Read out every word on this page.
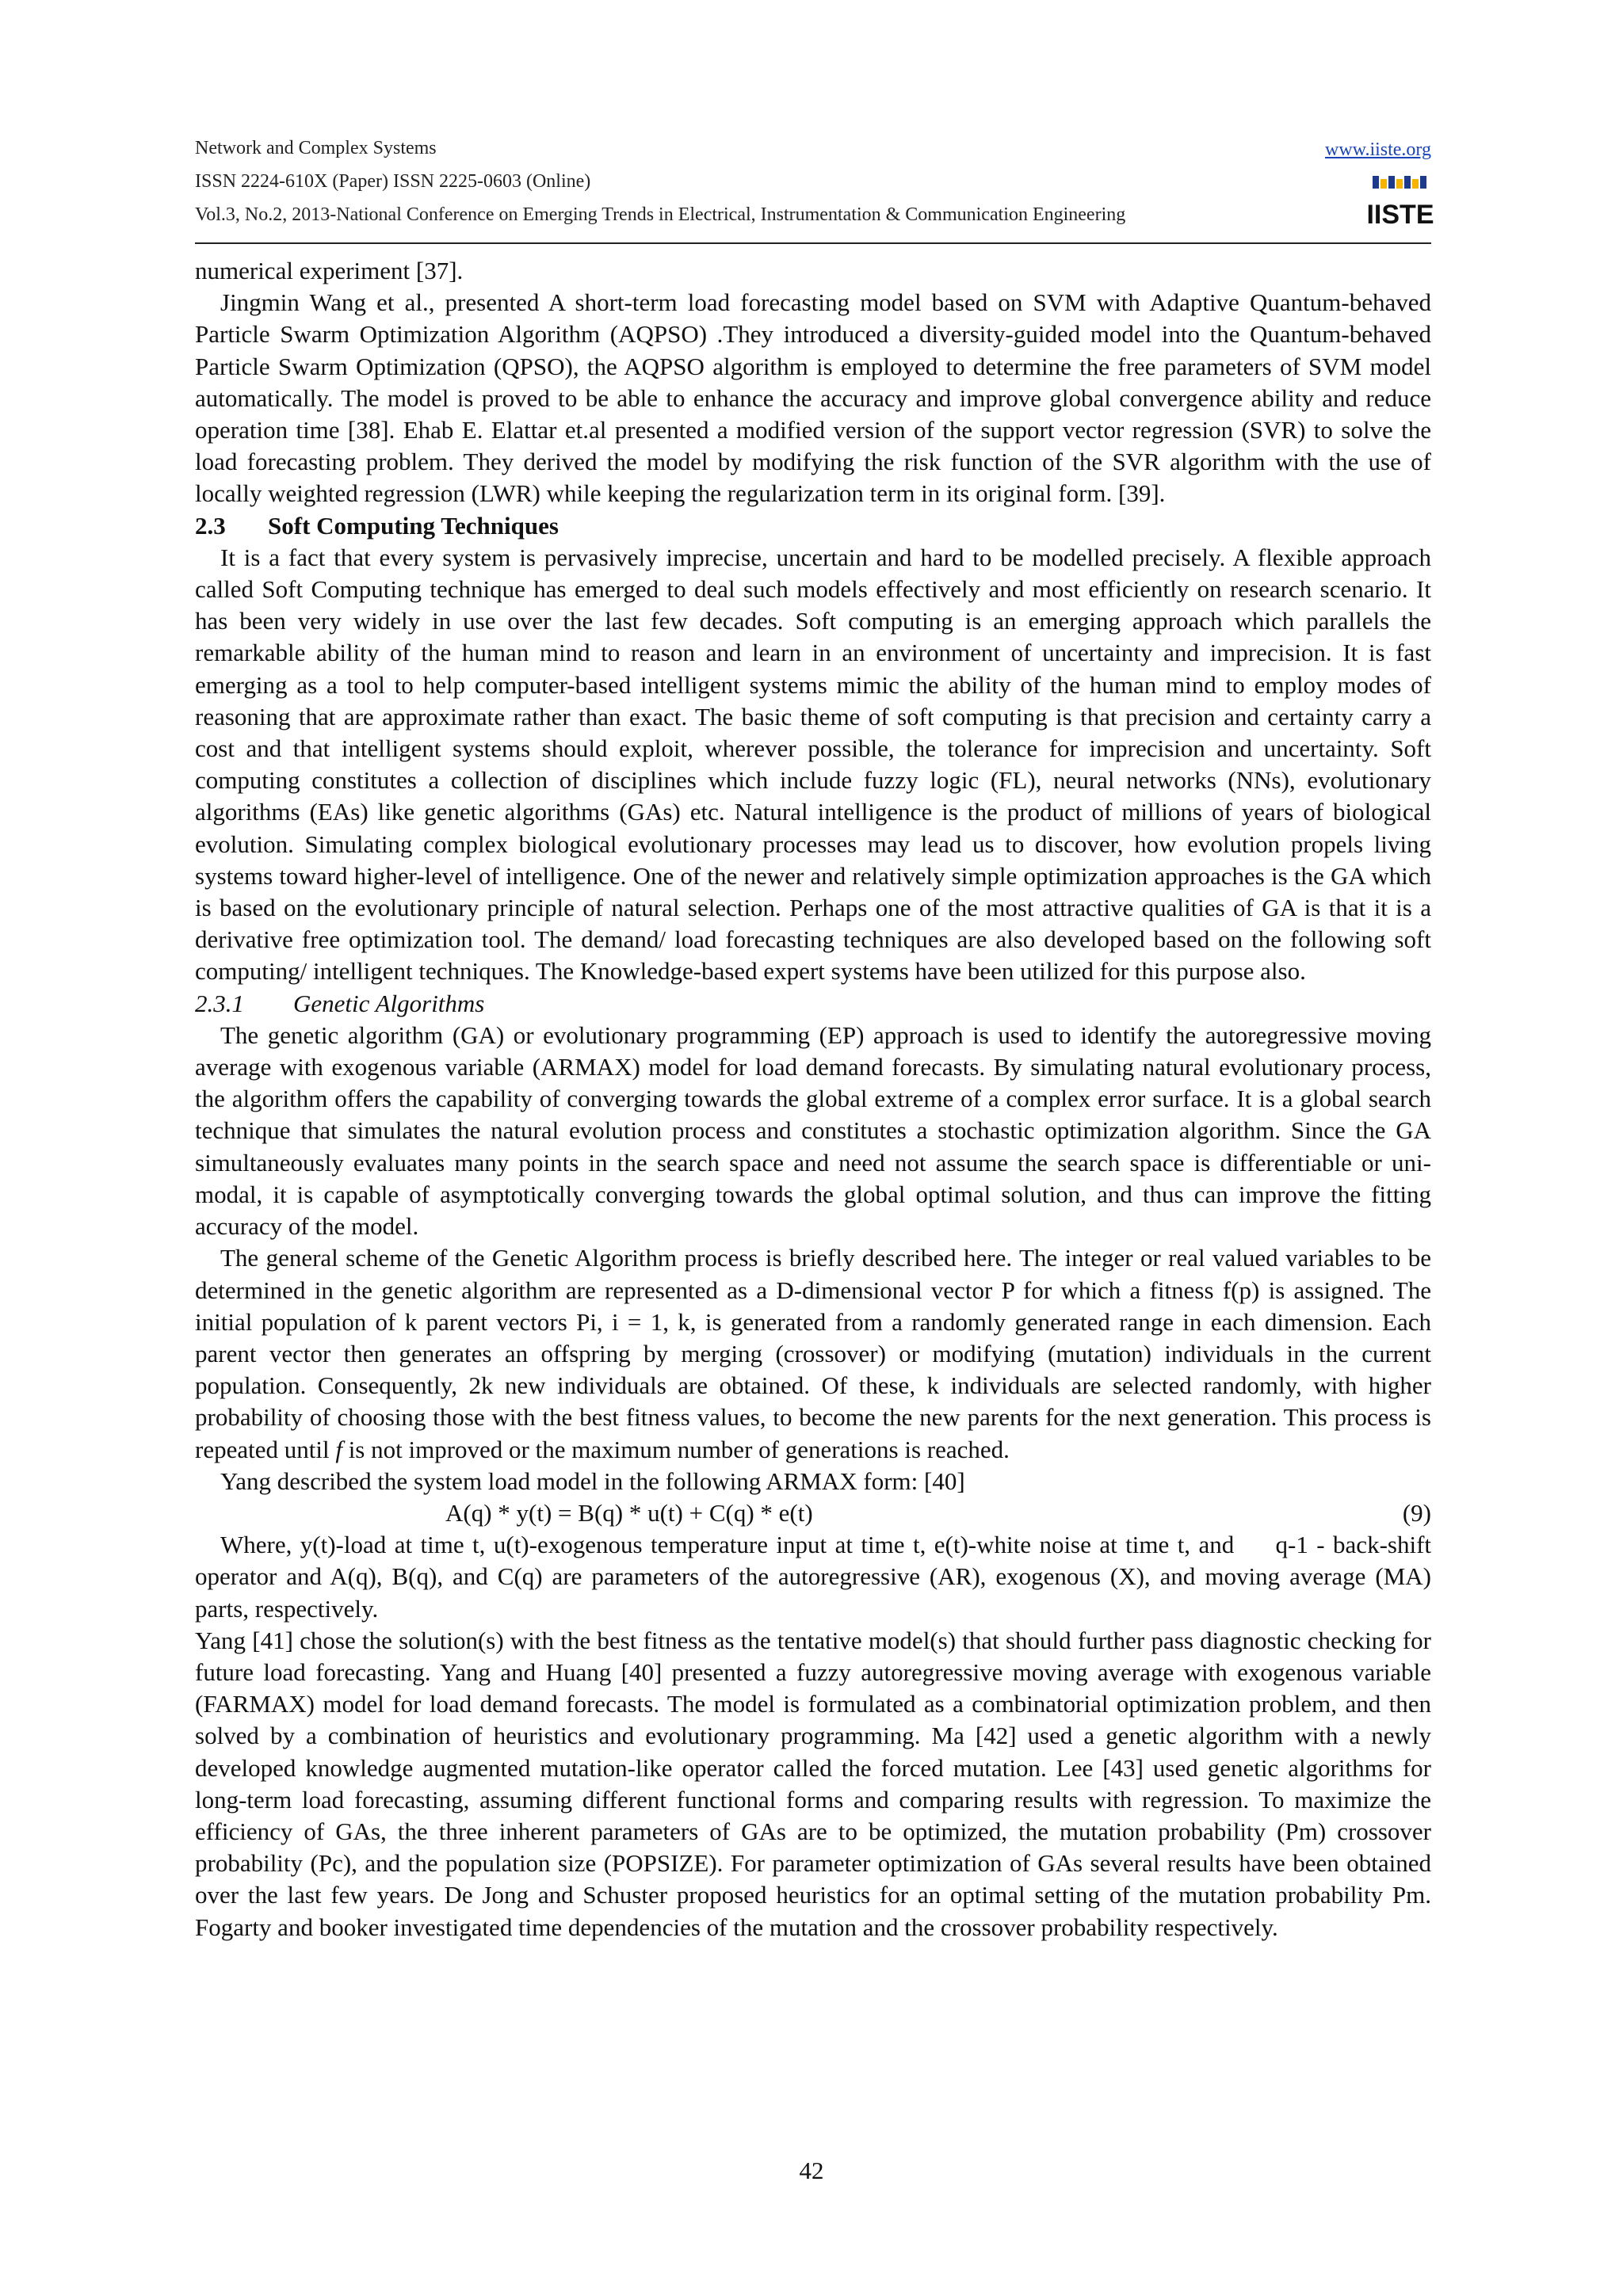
Network and Complex Systems	www.iiste.org
ISSN 2224-610X (Paper) ISSN 2225-0603 (Online)
Vol.3, No.2, 2013-National Conference on Emerging Trends in Electrical, Instrumentation & Communication Engineering	IISTE

numerical experiment [37].

Jingmin Wang et al., presented A short-term load forecasting model based on SVM with Adaptive Quantum-behaved Particle Swarm Optimization Algorithm (AQPSO) .They introduced a diversity-guided model into the Quantum-behaved Particle Swarm Optimization (QPSO), the AQPSO algorithm is employed to determine the free parameters of SVM model automatically. The model is proved to be able to enhance the accuracy and improve global convergence ability and reduce operation time [38]. Ehab E. Elattar et.al presented a modified version of the support vector regression (SVR) to solve the load forecasting problem. They derived the model by modifying the risk function of the SVR algorithm with the use of locally weighted regression (LWR) while keeping the regularization term in its original form. [39].

2.3 Soft Computing Techniques

It is a fact that every system is pervasively imprecise, uncertain and hard to be modelled precisely. A flexible approach called Soft Computing technique has emerged to deal such models effectively and most efficiently on research scenario. It has been very widely in use over the last few decades. Soft computing is an emerging approach which parallels the remarkable ability of the human mind to reason and learn in an environment of uncertainty and imprecision. It is fast emerging as a tool to help computer-based intelligent systems mimic the ability of the human mind to employ modes of reasoning that are approximate rather than exact. The basic theme of soft computing is that precision and certainty carry a cost and that intelligent systems should exploit, wherever possible, the tolerance for imprecision and uncertainty. Soft computing constitutes a collection of disciplines which include fuzzy logic (FL), neural networks (NNs), evolutionary algorithms (EAs) like genetic algorithms (GAs) etc. Natural intelligence is the product of millions of years of biological evolution. Simulating complex biological evolutionary processes may lead us to discover, how evolution propels living systems toward higher-level of intelligence. One of the newer and relatively simple optimization approaches is the GA which is based on the evolutionary principle of natural selection. Perhaps one of the most attractive qualities of GA is that it is a derivative free optimization tool. The demand/ load forecasting techniques are also developed based on the following soft computing/ intelligent techniques. The Knowledge-based expert systems have been utilized for this purpose also.

2.3.1 Genetic Algorithms

The genetic algorithm (GA) or evolutionary programming (EP) approach is used to identify the autoregressive moving average with exogenous variable (ARMAX) model for load demand forecasts. By simulating natural evolutionary process, the algorithm offers the capability of converging towards the global extreme of a complex error surface. It is a global search technique that simulates the natural evolution process and constitutes a stochastic optimization algorithm. Since the GA simultaneously evaluates many points in the search space and need not assume the search space is differentiable or uni-modal, it is capable of asymptotically converging towards the global optimal solution, and thus can improve the fitting accuracy of the model.

The general scheme of the Genetic Algorithm process is briefly described here. The integer or real valued variables to be determined in the genetic algorithm are represented as a D-dimensional vector P for which a fitness f(p) is assigned. The initial population of k parent vectors Pi, i = 1, k, is generated from a randomly generated range in each dimension. Each parent vector then generates an offspring by merging (crossover) or modifying (mutation) individuals in the current population. Consequently, 2k new individuals are obtained. Of these, k individuals are selected randomly, with higher probability of choosing those with the best fitness values, to become the new parents for the next generation. This process is repeated until f is not improved or the maximum number of generations is reached.

Yang described the system load model in the following ARMAX form: [40]

A(q) * y(t) = B(q) * u(t) + C(q) * e(t)	(9)

Where, y(t)-load at time t, u(t)-exogenous temperature input at time t, e(t)-white noise at time t, and q-1 - back-shift operator and A(q), B(q), and C(q) are parameters of the autoregressive (AR), exogenous (X), and moving average (MA) parts, respectively.

Yang [41] chose the solution(s) with the best fitness as the tentative model(s) that should further pass diagnostic checking for future load forecasting. Yang and Huang [40] presented a fuzzy autoregressive moving average with exogenous variable (FARMAX) model for load demand forecasts. The model is formulated as a combinatorial optimization problem, and then solved by a combination of heuristics and evolutionary programming. Ma [42] used a genetic algorithm with a newly developed knowledge augmented mutation-like operator called the forced mutation. Lee [43] used genetic algorithms for long-term load forecasting, assuming different functional forms and comparing results with regression. To maximize the efficiency of GAs, the three inherent parameters of GAs are to be optimized, the mutation probability (Pm) crossover probability (Pc), and the population size (POPSIZE). For parameter optimization of GAs several results have been obtained over the last few years. De Jong and Schuster proposed heuristics for an optimal setting of the mutation probability Pm. Fogarty and booker investigated time dependencies of the mutation and the crossover probability respectively.

42
